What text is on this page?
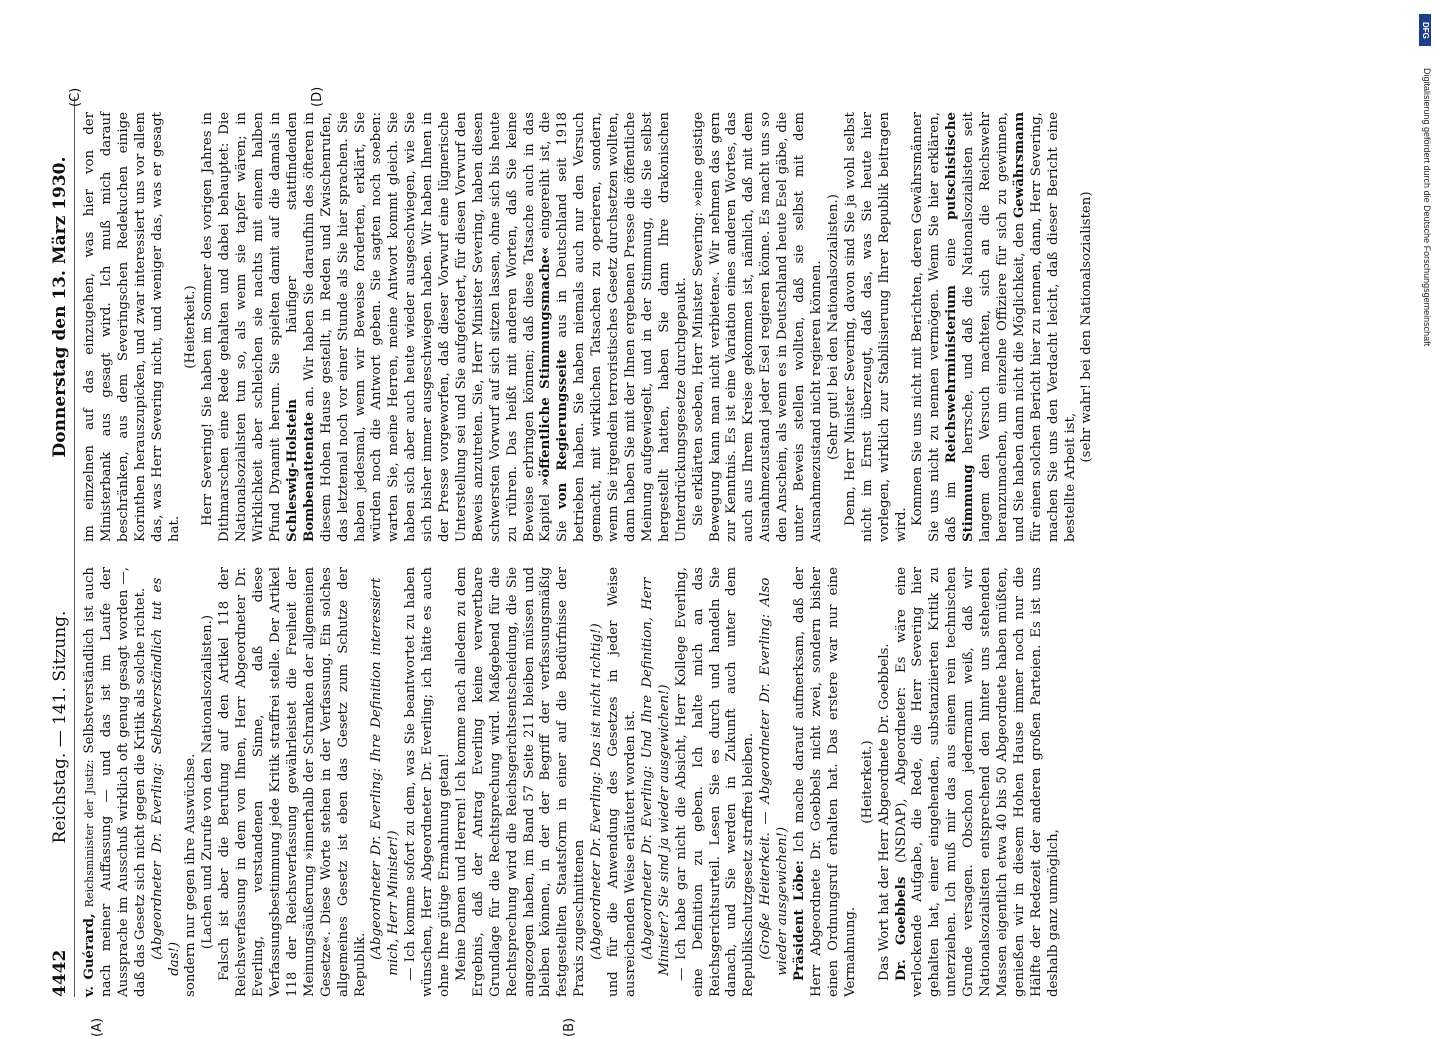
4442
Reichstag. — 141. Sitzung.
Donnerstag den 13. März 1930.
(A)	(B)
(C)	(D)

v. Guérard, Reichsminister der Justiz: Selbstverständlich ist auch nach meiner Auffassung — und das ist im Laufe der Aussprache im Ausschuß wirklich oft genug gesagt worden —, daß das Gesetz sich nicht gegen die Kritik als solche richtet. (Abgeordneter Dr. Everling: Selbstverständlich tut es das!) sondern nur gegen ihre Auswüchse. (Lachen und Zurufe von den Nationalsozialisten.) Falsch ist aber die Berufung auf den Artikel 118 der Reichsverfassung in dem von Ihnen, Herr Abgeordneter Dr. Everling, verstandenen Sinne, daß diese Verfassungsbestimmung jede Kritik straffrei stelle. Der Artikel 118 der Reichsverfassung gewährleistet die Freiheit der Meinungsäußerung »innerhalb der Schranken der allgemeinen Gesetze«. Diese Worte stehen in der Verfassung. Ein solches allgemeines Gesetz ist eben das Gesetz zum Schutze der Republik.

(Abgeordneter Dr. Everling: Ihre Definition interessiert mich, Herr Minister!) — Ich komme sofort zu dem, was Sie beantwortet zu haben wünschen, Herr Abgeordneter Dr. Everling; ich hätte es auch ohne Ihre gütige Ermahnung getan! Meine Damen und Herren! Ich komme nach alledem zu dem Ergebnis, daß der Antrag Everling keine verwertbare Grundlage für die Rechtsprechung wird. Maßgebend für die Rechtsprechung wird die Reichsgerichtsentscheidung, die Sie angezogen haben, im Band 57 Seite 211 bleiben müssen und bleiben können, in der der Begriff der verfassungsmäßig festgestellten Staatsform in einer auf die Bedürfnisse der Praxis zugeschnittenen (Abgeordneter Dr. Everling: Das ist nicht richtig!) und für die Anwendung des Gesetzes in jeder Weise ausreichenden Weise erläutert worden ist. (Abgeordneter Dr. Everling: Und Ihre Definition, Herr Minister? Sie sind ja wieder ausgewichen!) — Ich habe gar nicht die Absicht, Herr Kollege Everling, eine Definition zu geben. Ich halte mich an das Reichsgerichtsurteil. Lesen Sie es durch und handeln Sie danach, und Sie werden in Zukunft auch unter dem Republikschutzgesetz straffrei bleiben. (Große Heiterkeit. — Abgeordneter Dr. Everling: Also wieder ausgewichen!) Präsident Löbe: Ich mache darauf aufmerksam, daß der Herr Abgeordnete Dr. Goebbels nicht zwei, sondern bisher einen Ordnungsruf erhalten hat. Das erstere war nur eine Vermahnung.

(Heiterkeit.) Das Wort hat der Herr Abgeordnete Dr. Goebbels. Dr. Goebbels (NSDAP), Abgeordneter: Es wäre eine verlockende Aufgabe, die Rede, die Herr Severing hier gehalten hat, einer eingehenden, substanziierten Kritik zu unterziehen. Ich muß mir das aus einem rein technischen Grunde versagen. Obschon jedermann weiß, daß wir Nationalsozialisten entsprechend den hinter uns stehenden Massen eigentlich etwa 40 bis 50 Abgeordnete haben müßten, genießen wir in diesem Hohen Hause immer noch nur die Hälfte der Redezeit der anderen großen Parteien. Es ist uns deshalb ganz unmöglich,

im einzelnen auf das einzugehen, was hier von der Ministerbank aus gesagt wird. Ich muß mich darauf beschränken, aus dem Severingschen Redekuchen einige Korinthen herauszupicken, und zwar interessiert uns vor allem das, was Herr Severing nicht, und weniger das, was er gesagt hat.

(Heiterkeit.) Herr Severing! Sie haben im Sommer des vorigen Jahres in Dithmarschen eine Rede gehalten und dabei behauptet: Die Nationalsozialisten tun so, als wenn sie tapfer wären; in Wirklichkeit aber schleichen sie nachts mit einem halben Pfund Dynamit herum. Sie spielten damit auf die damals in Schleswig-Holstein häufiger stattfindenden Bombenattentate an. Wir haben Sie daraufhin des öfteren in diesem Hohen Hause gestellt, in Reden und Zwischenrufen, das letztemal noch vor einer Stunde als Sie hier sprachen. Sie haben jedesmal, wenn wir Beweise forderten, erklärt, Sie würden noch die Antwort geben. Sie sagten noch soeben: warten Sie, meine Herren, meine Antwort kommt gleich. Sie haben sich aber auch heute wieder ausgeschwiegen, wie Sie sich bisher immer ausgeschwiegen haben. Wir haben Ihnen in der Presse vorgeworfen, daß dieser Vorwurf eine lügnerische Unterstellung sei und Sie aufgefordert, für diesen Vorwurf den Beweis anzutreten. Sie, Herr Minister Severing, haben diesen schwersten Vorwurf auf sich sitzen lassen, ohne sich bis heute zu rühren. Das heißt mit anderen Worten, daß Sie keine Beweise erbringen können; daß diese Tatsache auch in das Kapitel »öffentliche Stimmungsmache« eingereiht ist, die Sie von Regierungsseite aus in Deutschland seit 1918 betrieben haben. Sie haben niemals auch nur den Versuch gemacht, mit wirklichen Tatsachen zu operieren, sondern, wenn Sie irgendein terroristisches Gesetz durchsetzen wollten, dann haben Sie mit der Ihnen ergebenen Presse die öffentliche Meinung aufgewiegelt, und in der Stimmung, die Sie selbst hergestellt hatten, haben Sie dann Ihre drakonischen Unterdrückungsgesetze durchgepaukt. Sie erklärten soeben, Herr Minister Severing: »eine geistige Bewegung kann man nicht verbieten«. Wir nehmen das gern zur Kenntnis. Es ist eine Variation eines anderen Wortes, das auch aus Ihrem Kreise gekommen ist, nämlich, daß mit dem Ausnahmezustand jeder Esel regieren könne. Es macht uns so den Anschein, als wenn es in Deutschland heute Esel gäbe, die unter Beweis stellen wollten, daß sie selbst mit dem Ausnahmezustand nicht regieren können. (Sehr gut! bei den Nationalsozialisten.) Denn, Herr Minister Severing, davon sind Sie ja wohl selbst nicht im Ernst überzeugt, daß das, was Sie heute hier vorlegen, wirklich zur Stabilisierung Ihrer Republik beitragen wird. Kommen Sie uns nicht mit Berichten, deren Gewährsmänner Sie uns nicht zu nennen vermögen. Wenn Sie hier erklären, daß im Reichswehrministerium eine putschistische Stimmung herrsche, und daß die Nationalsozialisten seit langem den Versuch machten, sich an die Reichswehr heranzumachen, um einzelne Offiziere für sich zu gewinnen, und Sie haben dann nicht die Möglichkeit, den Gewährsmann für einen solchen Bericht hier zu nennen, dann, Herr Severing, machen Sie uns den Verdacht leicht, daß dieser Bericht eine bestellte Arbeit ist,

(sehr wahr! bei den Nationalsozialisten)

DFG
Digitalisierung gefördert durch die Deutsche Forschungsgemeinschaft
